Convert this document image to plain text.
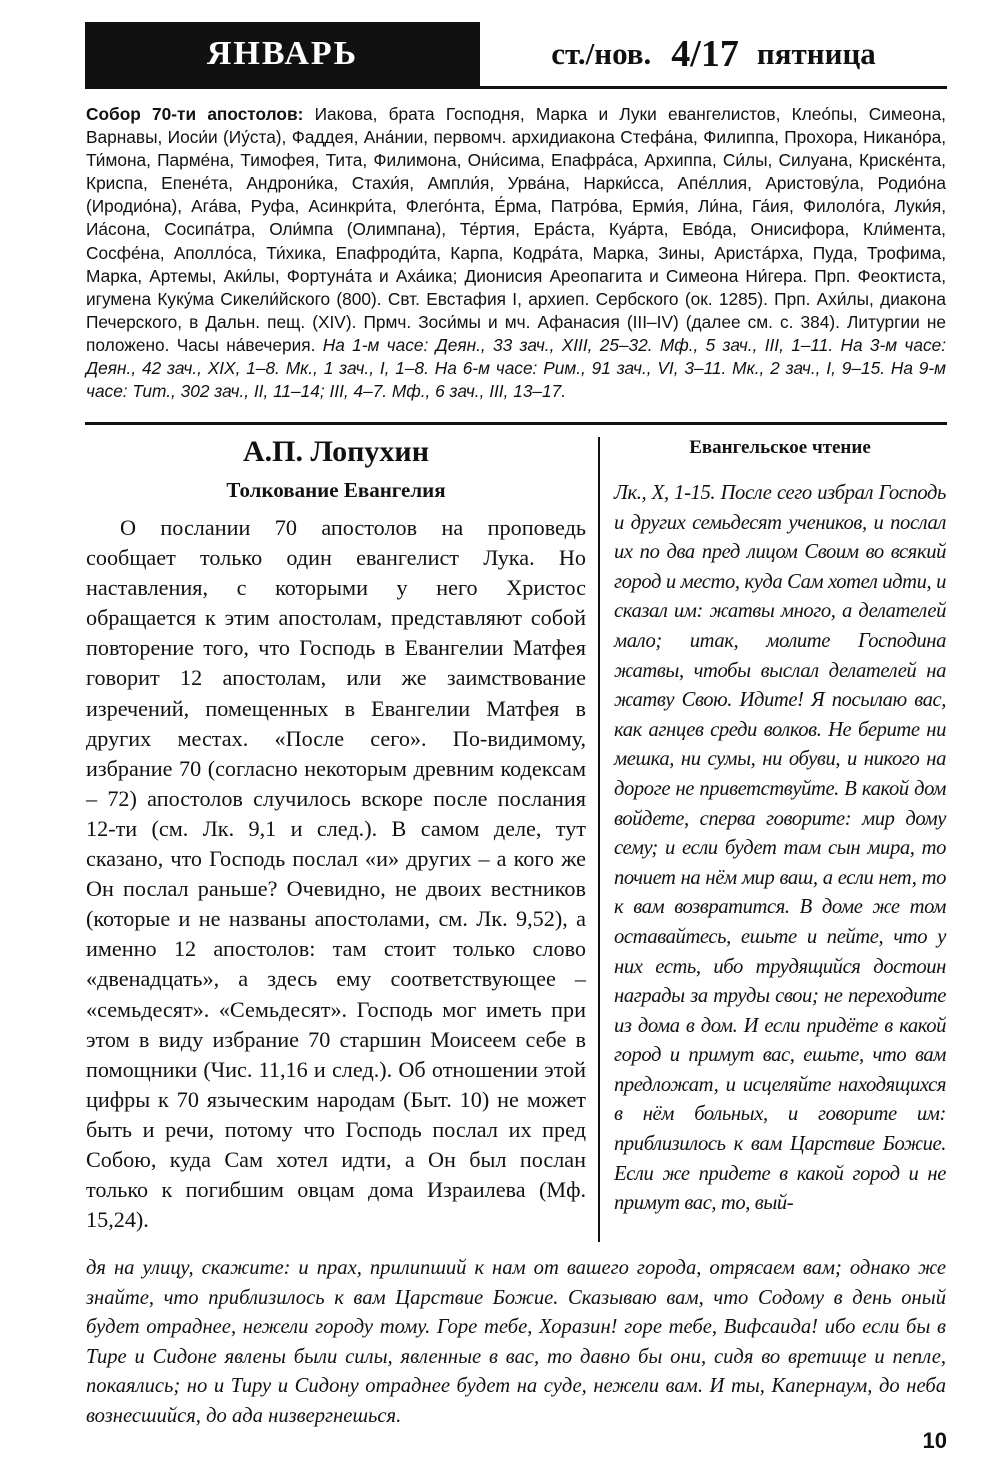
ЯНВАРЬ	ст./нов. 4/17 пятница
Собор 70-ти апостолов: Иакова, брата Господня, Марка и Луки евангелистов, Клео́пы, Симеона, Варнавы, Иоси́и (Иу́ста), Фаддея, Ана́нии, первомч. архидиакона Стефа́на, Филиппа, Прохора, Никано́ра, Ти́мона, Парме́на, Тимофея, Тита, Филимона, Они́сима, Епафра́са, Архиппа, Си́лы, Силуана, Криске́нта, Криспа, Епене́та, Андрони́ка, Стахи́я, Ампли́я, Урва́на, Нарки́сса, Апе́ллия, Аристову́ла, Родио́на (Иродио́на), Ага́ва, Руфа, Асинкри́та, Флего́нта, Е́рма, Патро́ва, Ерми́я, Ли́на, Га́ия, Филоло́га, Луки́я, Иа́сона, Сосипа́тра, Оли́мпа (Олимпана), Те́ртия, Ера́ста, Куа́рта, Ево́да, Онисифора, Кли́мента, Сосфе́на, Аполло́са, Ти́хика, Епафроди́та, Карпа, Кодра́та, Марка, Зины, Аристáрха, Пуда, Трофима, Марка, Артемы, Аки́лы, Фортуна́та и Аха́ика; Дионисия Ареопагита и Симеона Ни́гера. Прп. Феоктиста, игумена Куку́ма Сикели́йского (800). Свт. Евстафия I, архиеп. Сербского (ок. 1285). Прп. Ахи́лы, диакона Печерского, в Дальн. пещ. (XIV). Прмч. Зоси́мы и мч. Афанасия (III–IV) (далее см. с. 384). Литургии не положено. Часы на́вечерия. На 1-м часе: Деян., 33 зач., XIII, 25–32. Мф., 5 зач., III, 1–11. На 3-м часе: Деян., 42 зач., XIX, 1–8. Мк., 1 зач., I, 1–8. На 6-м часе: Рим., 91 зач., VI, 3–11. Мк., 2 зач., I, 9–15. На 9-м часе: Тит., 302 зач., II, 11–14; III, 4–7. Мф., 6 зач., III, 13–17.
А.П. Лопухин
Толкование Евангелия
О послании 70 апостолов на проповедь сообщает только один евангелист Лука. Но наставления, с которыми у него Христос обращается к этим апостолам, представляют собой повторение того, что Господь в Евангелии Матфея говорит 12 апостолам, или же заимствование изречений, помещенных в Евангелии Матфея в других местах. «После сего». По-видимому, избрание 70 (согласно некоторым древним кодексам – 72) апостолов случилось вскоре после послания 12-ти (см. Лк. 9,1 и след.). В самом деле, тут сказано, что Господь послал «и» других – а кого же Он послал раньше? Очевидно, не двоих вестников (которые и не названы апостолами, см. Лк. 9,52), а именно 12 апостолов: там стоит только слово «двенадцать», а здесь ему соответствующее – «семьдесят». «Семьдесят». Господь мог иметь при этом в виду избрание 70 старшин Моисеем себе в помощники (Чис. 11,16 и след.). Об отношении этой цифры к 70 языческим народам (Быт. 10) не может быть и речи, потому что Господь послал их пред Собою, куда Сам хотел идти, а Он был послан только к погибшим овцам дома Израилева (Мф. 15,24).
Евангельское чтение
Лк., X, 1-15. После сего избрал Господь и других семьдесят учеников, и послал их по два пред лицом Своим во всякий город и место, куда Сам хотел идти, и сказал им: жатвы много, а делателей мало; итак, молите Господина жатвы, чтобы выслал делателей на жатву Свою. Идите! Я посылаю вас, как агнцев среди волков. Не берите ни мешка, ни сумы, ни обуви, и никого на дороге не приветствуйте. В какой дом войдете, сперва говорите: мир дому сему; и если будет там сын мира, то почиет на нём мир ваш, а если нет, то к вам возвратится. В доме же том оставайтесь, ешьте и пейте, что у них есть, ибо трудящийся достоин награды за труды свои; не переходите из дома в дом. И если придёте в какой город и примут вас, ешьте, что вам предложат, и исцеляйте находящихся в нём больных, и говорите им: приблизилось к вам Царствие Божие. Если же придете в какой город и не примут вас, то, вый-
дя на улицу, скажите: и прах, прилипший к нам от вашего города, отрясаем вам; однако же знайте, что приблизилось к вам Царствие Божие. Сказываю вам, что Содому в день оный будет отраднее, нежели городу тому. Горе тебе, Хоразин! горе тебе, Вифсаида! ибо если бы в Тире и Сидоне явлены были силы, явленные в вас, то давно бы они, сидя во вретище и пепле, покаялись; но и Тиру и Сидону отраднее будет на суде, нежели вам. И ты, Капернаум, до неба вознесшийся, до ада низвергнешься.
10
